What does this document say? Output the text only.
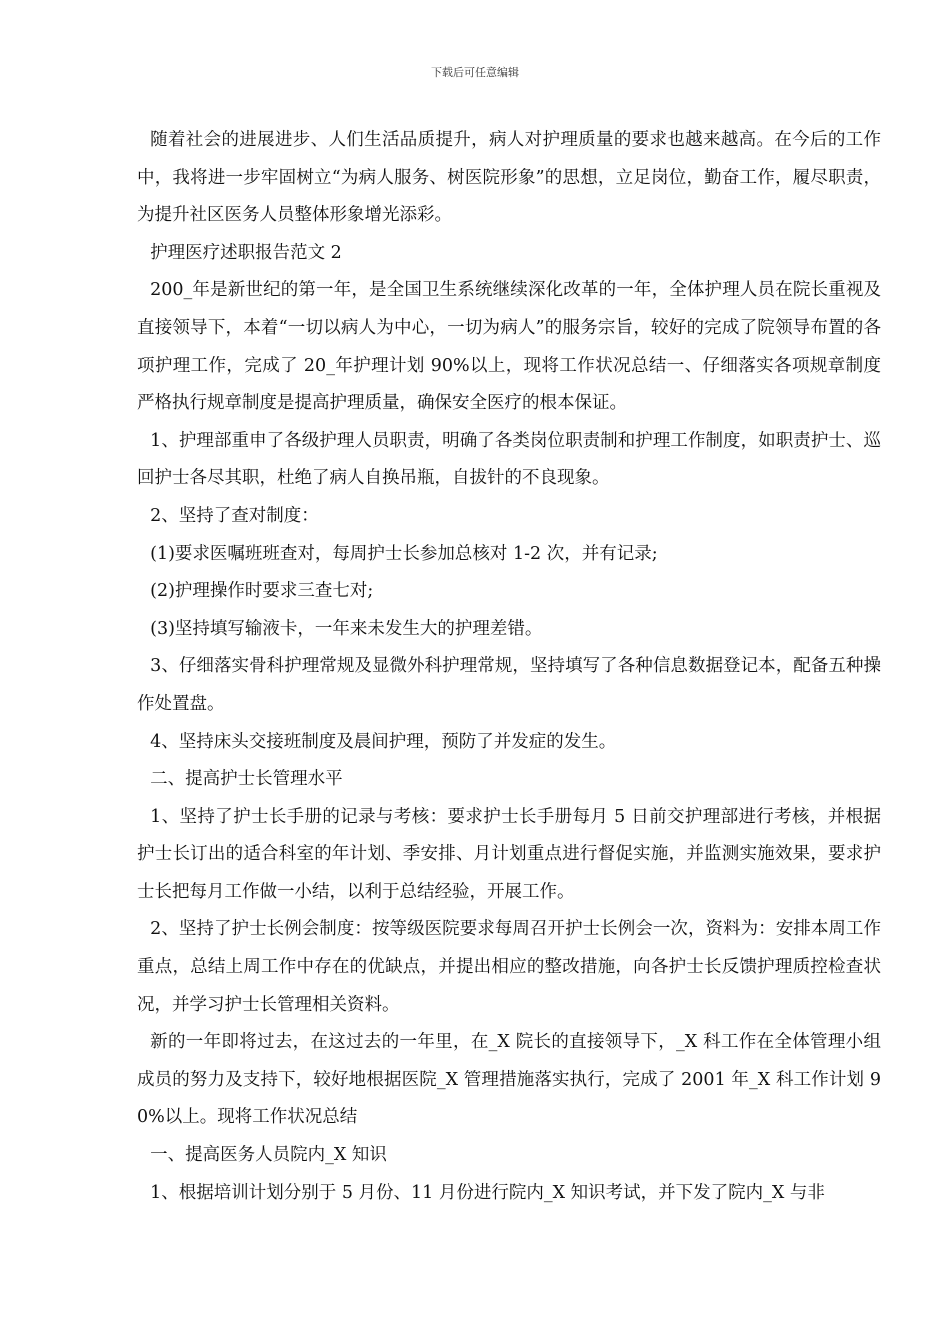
下载后可任意编辑

随着社会的进展进步、人们生活品质提升，病人对护理质量的要求也越来越高。在今后的工作中，我将进一步牢固树立“为病人服务、树医院形象”的思想，立足岗位，勤奋工作，履尽职责，为提升社区医务人员整体形象增光添彩。

护理医疗述职报告范文 2

200_年是新世纪的第一年，是全国卫生系统继续深化改革的一年，全体护理人员在院长重视及直接领导下，本着“一切以病人为中心，一切为病人”的服务宗旨，较好的完成了院领导布置的各项护理工作，完成了 20_年护理计划 90%以上，现将工作状况总结一、仔细落实各项规章制度严格执行规章制度是提高护理质量，确保安全医疗的根本保证。

1、护理部重申了各级护理人员职责，明确了各类岗位职责制和护理工作制度，如职责护士、巡回护士各尽其职，杜绝了病人自换吊瓶，自拔针的不良现象。

2、坚持了查对制度：

(1)要求医嘱班班查对，每周护士长参加总核对 1-2 次，并有记录;

(2)护理操作时要求三查七对;

(3)坚持填写输液卡，一年来未发生大的护理差错。

3、仔细落实骨科护理常规及显微外科护理常规，坚持填写了各种信息数据登记本，配备五种操作处置盘。

4、坚持床头交接班制度及晨间护理，预防了并发症的发生。

二、提高护士长管理水平

1、坚持了护士长手册的记录与考核：要求护士长手册每月 5 日前交护理部进行考核，并根据护士长订出的适合科室的年计划、季安排、月计划重点进行督促实施，并监测实施效果，要求护士长把每月工作做一小结，以利于总结经验，开展工作。

2、坚持了护士长例会制度：按等级医院要求每周召开护士长例会一次，资料为：安排本周工作重点，总结上周工作中存在的优缺点，并提出相应的整改措施，向各护士长反馈护理质控检查状况，并学习护士长管理相关资料。

新的一年即将过去，在这过去的一年里，在_X 院长的直接领导下，_X 科工作在全体管理小组成员的努力及支持下，较好地根据医院_X 管理措施落实执行，完成了 2001 年_X 科工作计划 90%以上。现将工作状况总结

一、提高医务人员院内_X 知识

1、根据培训计划分别于 5 月份、11 月份进行院内_X 知识考试，并下发了院内_X 与非
